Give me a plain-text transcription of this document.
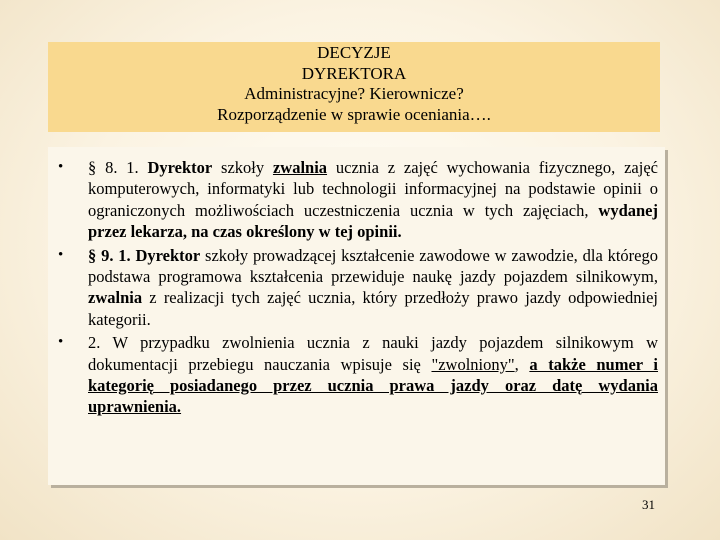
DECYZJE
DYREKTORA
Administracyjne? Kierownicze?
Rozporządzenie w sprawie oceniania….
• § 8. 1. Dyrektor szkoły zwalnia ucznia z zajęć wychowania fizycznego, zajęć komputerowych, informatyki lub technologii informacyjnej na podstawie opinii o ograniczonych możliwościach uczestniczenia ucznia w tych zajęciach, wydanej przez lekarza, na czas określony w tej opinii.
• § 9. 1. Dyrektor szkoły prowadzącej kształcenie zawodowe w zawodzie, dla którego podstawa programowa kształcenia przewiduje naukę jazdy pojazdem silnikowym, zwalnia z realizacji tych zajęć ucznia, który przedłoży prawo jazdy odpowiedniej kategorii.
• 2. W przypadku zwolnienia ucznia z nauki jazdy pojazdem silnikowym w dokumentacji przebiegu nauczania wpisuje się "zwolniony", a także numer i kategorię posiadanego przez ucznia prawa jazdy oraz datę wydania uprawnienia.
31
